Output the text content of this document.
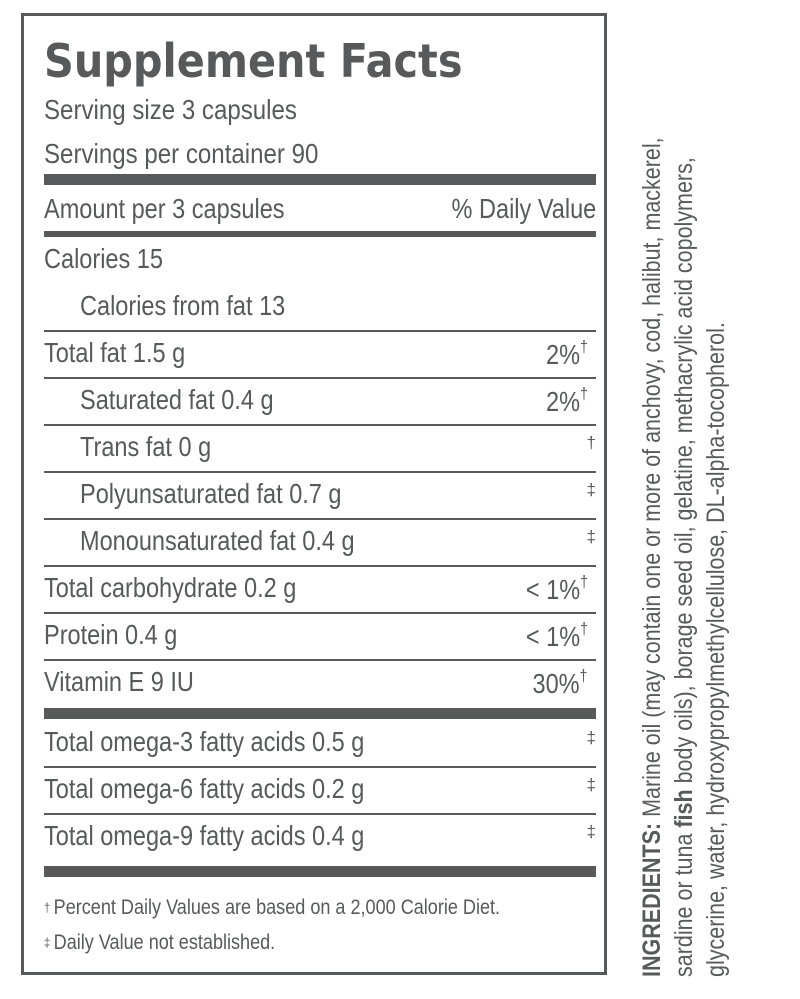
Supplement Facts
Serving size 3 capsules
Servings per container 90
Amount per 3 capsules	% Daily Value
Calories 15
Calories from fat 13
Total fat 1.5 g	2%†
Saturated fat 0.4 g	2%†
Trans fat 0 g	†
Polyunsaturated fat 0.7 g	‡
Monounsaturated fat 0.4 g	‡
Total carbohydrate 0.2 g	< 1%†
Protein 0.4 g	< 1%†
Vitamin E 9 IU	30%†
Total omega-3 fatty acids 0.5 g	‡
Total omega-6 fatty acids 0.2 g	‡
Total omega-9 fatty acids 0.4 g	‡
† Percent Daily Values are based on a 2,000 Calorie Diet.
‡ Daily Value not established.	INGREDIENTS: Marine oil (may contain one or more of anchovy, cod, halibut, mackerel, sardine or tuna fish body oils), borage seed oil, gelatine, methacrylic acid copolymers, glycerine, water, hydroxypropylmethylcellulose, DL-alpha-tocopherol.
